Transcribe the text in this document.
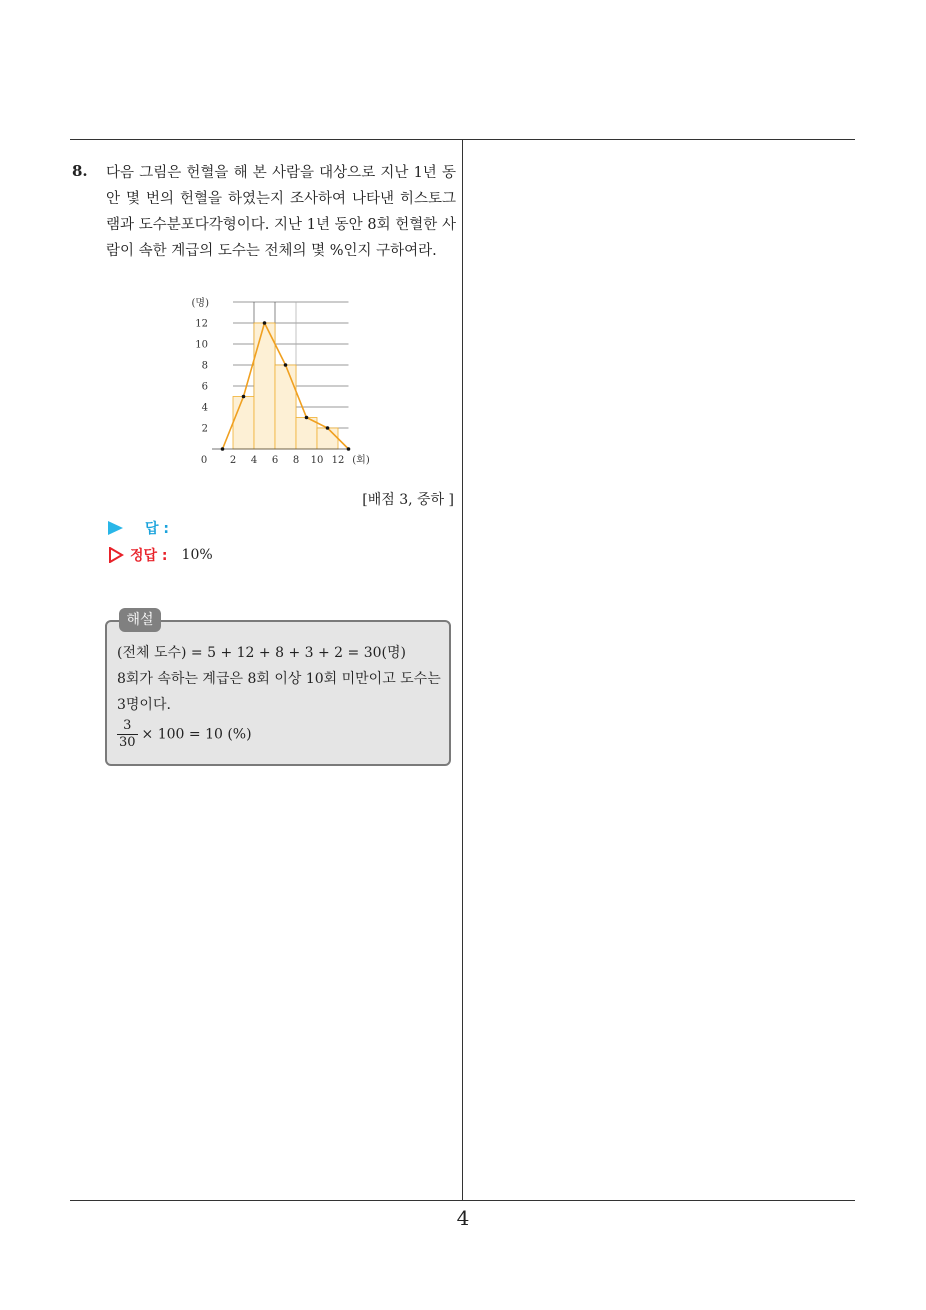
8. 다음 그림은 헌혈을 해 본 사람을 대상으로 지난 1년 동안 몇 번의 헌혈을 하였는지 조사하여 나타낸 히스토그램과 도수분포다각형이다. 지난 1년 동안 8회 헌혈한 사람이 속한 계급의 도수는 전체의 몇 %인지 구하여라.
2
4
6
8
10
12
(명)
0 2 4 6 8 10 12 (회)
[배점 3, 중하 ]
답 :
정답 : 10%
해설
(전체 도수) = 5 + 12 + 8 + 3 + 2 = 30(명)
8회가 속하는 계급은 8회 이상 10회 미만이고 도수는 3명이다.
$\frac{3}{30} \times 100 = 10$ (%)
4
